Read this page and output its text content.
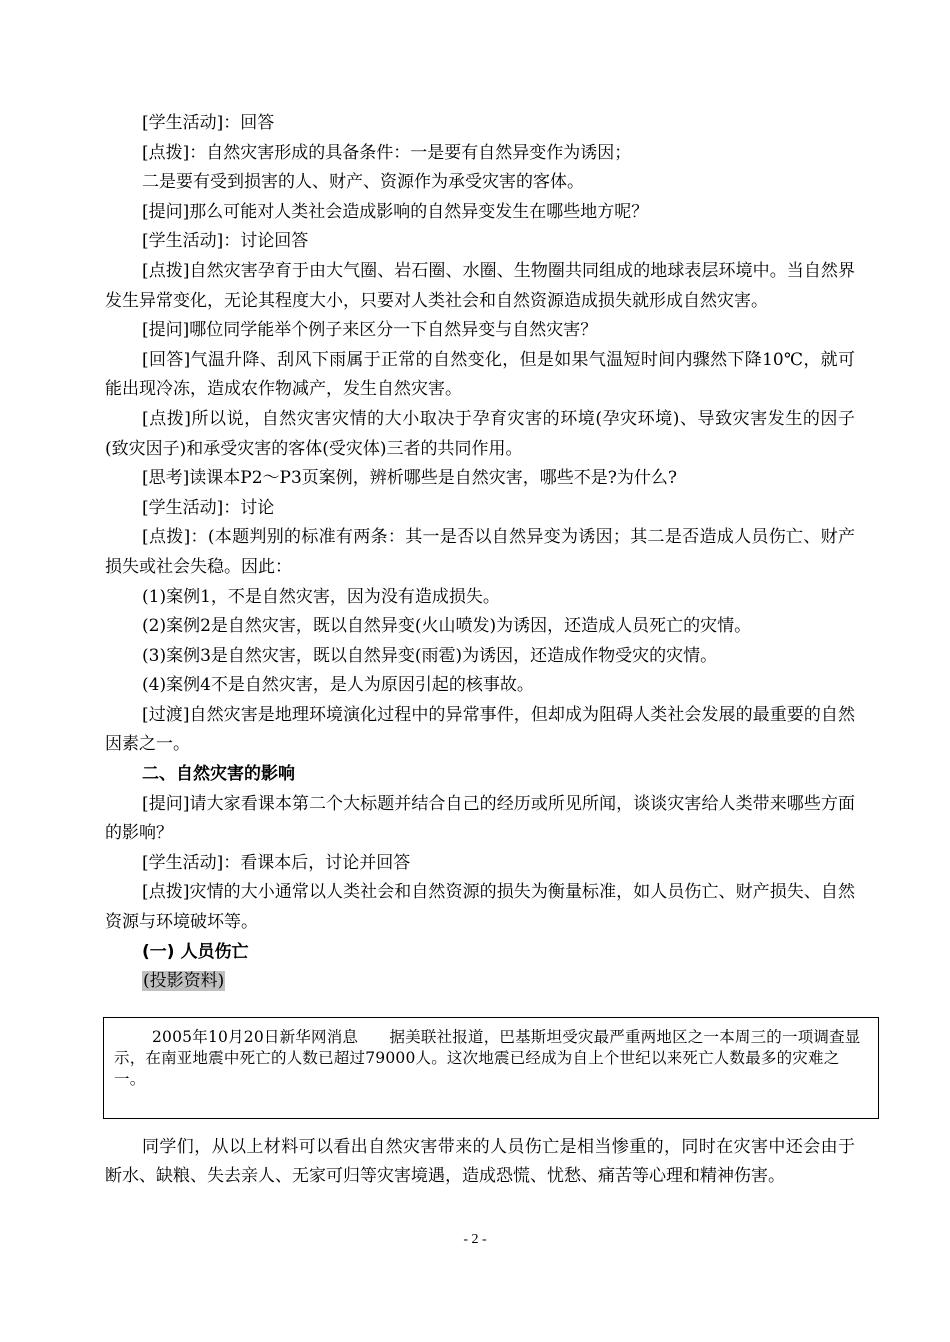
[学生活动]：回答

[点拨]：自然灾害形成的具备条件：一是要有自然异变作为诱因；

二是要有受到损害的人、财产、资源作为承受灾害的客体。

[提问]那么可能对人类社会造成影响的自然异变发生在哪些地方呢？

[学生活动]：讨论回答

[点拨]自然灾害孕育于由大气圈、岩石圈、水圈、生物圈共同组成的地球表层环境中。当自然界发生异常变化，无论其程度大小，只要对人类社会和自然资源造成损失就形成自然灾害。

[提问]哪位同学能举个例子来区分一下自然异变与自然灾害？

[回答]气温升降、刮风下雨属于正常的自然变化，但是如果气温短时间内骤然下降10℃，就可能出现冷冻，造成农作物减产，发生自然灾害。

[点拨]所以说，自然灾害灾情的大小取决于孕育灾害的环境(孕灾环境)、导致灾害发生的因子(致灾因子)和承受灾害的客体(受灾体)三者的共同作用。

[思考]读课本P2～P3页案例，辨析哪些是自然灾害，哪些不是?为什么?

[学生活动]：讨论

[点拨]：(本题判别的标准有两条：其一是否以自然异变为诱因；其二是否造成人员伤亡、财产损失或社会失稳。因此：

(1)案例1，不是自然灾害，因为没有造成损失。

(2)案例2是自然灾害，既以自然异变(火山喷发)为诱因，还造成人员死亡的灾情。

(3)案例3是自然灾害，既以自然异变(雨雹)为诱因，还造成作物受灾的灾情。

(4)案例4不是自然灾害，是人为原因引起的核事故。

[过渡]自然灾害是地理环境演化过程中的异常事件，但却成为阻碍人类社会发展的最重要的自然因素之一。

二、自然灾害的影响

[提问]请大家看课本第二个大标题并结合自己的经历或所见所闻，谈谈灾害给人类带来哪些方面的影响？

[学生活动]：看课本后，讨论并回答

[点拨]灾情的大小通常以人类社会和自然资源的损失为衡量标准，如人员伤亡、财产损失、自然资源与环境破坏等。

(一) 人员伤亡

(投影资料)

2005年10月20日新华网消息　　据美联社报道，巴基斯坦受灾最严重两地区之一本周三的一项调查显示，在南亚地震中死亡的人数已超过79000人。这次地震已经成为自上个世纪以来死亡人数最多的灾难之一。

同学们，从以上材料可以看出自然灾害带来的人员伤亡是相当惨重的，同时在灾害中还会由于断水、缺粮、失去亲人、无家可归等灾害境遇，造成恐慌、忧愁、痛苦等心理和精神伤害。

- 2 -
